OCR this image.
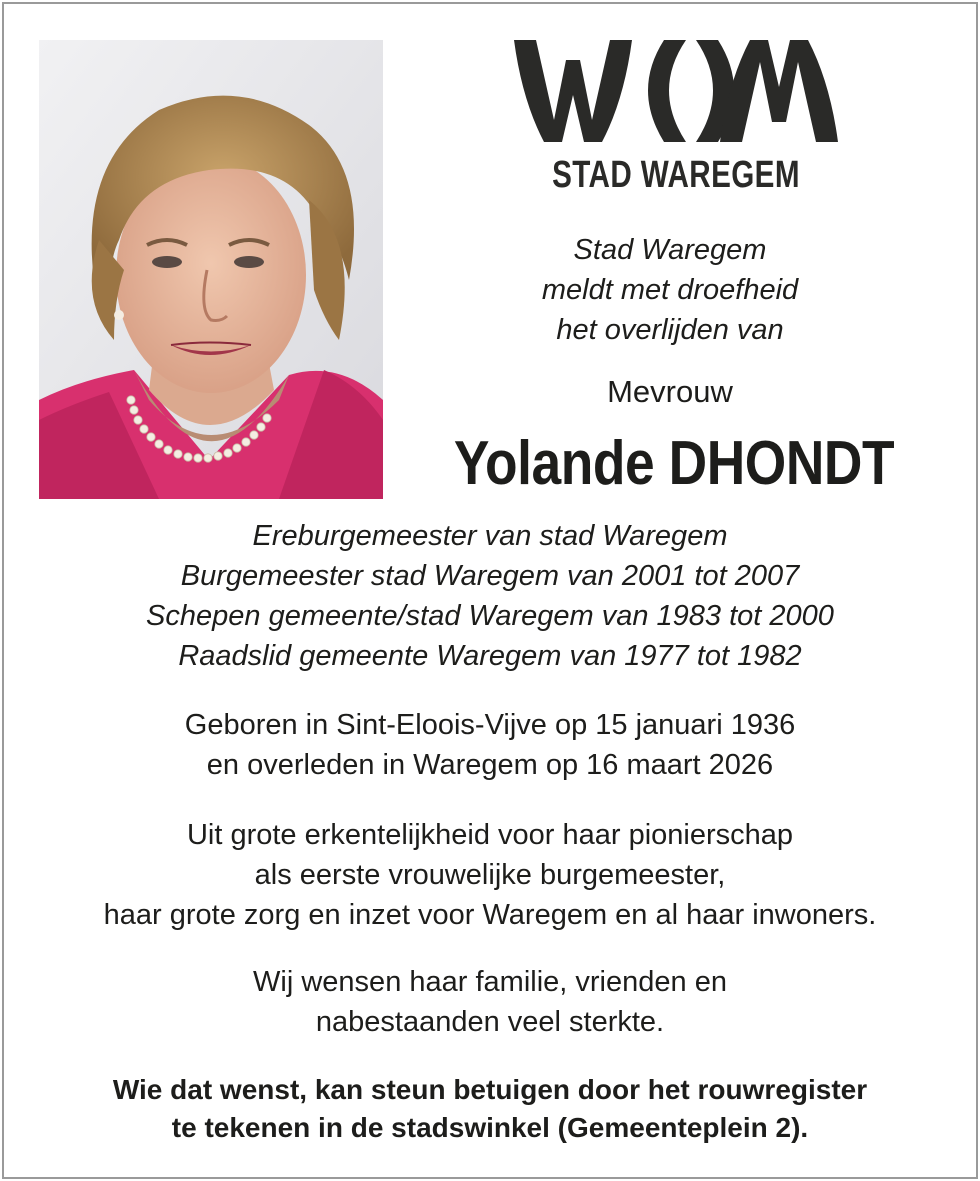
STAD WAREGEM
Stad Waregem
meldt met droefheid
het overlijden van
Mevrouw
Yolande DHONDT
Ereburgemeester van stad Waregem
Burgemeester stad Waregem van 2001 tot 2007
Schepen gemeente/stad Waregem van 1983 tot 2000
Raadslid gemeente Waregem van 1977 tot 1982
Geboren in Sint-Eloois-Vijve op 15 januari 1936
en overleden in Waregem op 16 maart 2026
Uit grote erkentelijkheid voor haar pionierschap
als eerste vrouwelijke burgemeester,
haar grote zorg en inzet voor Waregem en al haar inwoners.
Wij wensen haar familie, vrienden en
nabestaanden veel sterkte.
Wie dat wenst, kan steun betuigen door het rouwregister
te tekenen in de stadswinkel (Gemeenteplein 2).
